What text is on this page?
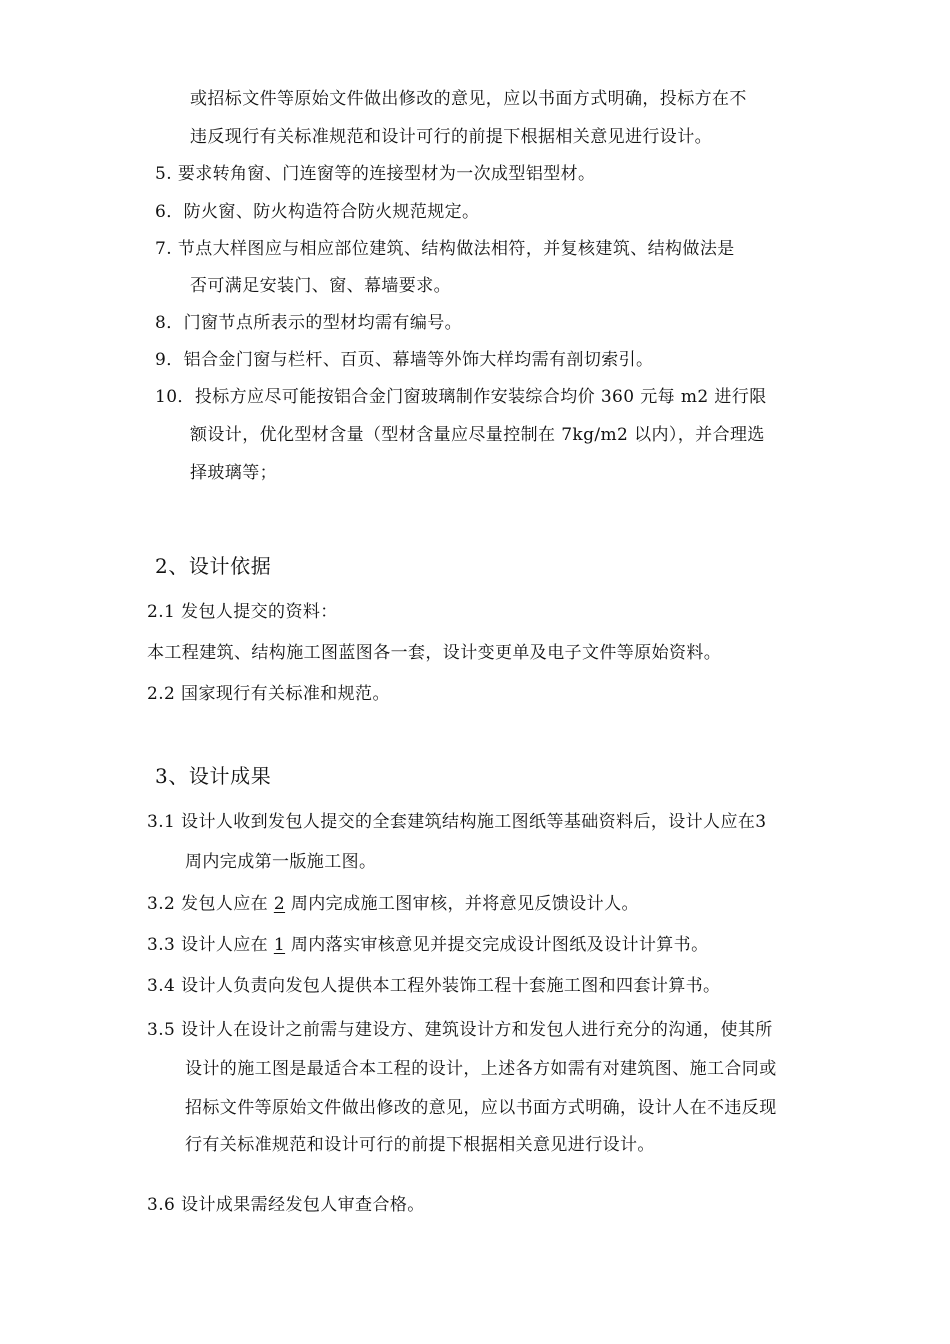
或招标文件等原始文件做出修改的意见，应以书面方式明确，投标方在不
违反现行有关标准规范和设计可行的前提下根据相关意见进行设计。
5. 要求转角窗、门连窗等的连接型材为一次成型铝型材。
6．防火窗、防火构造符合防火规范规定。
7. 节点大样图应与相应部位建筑、结构做法相符，并复核建筑、结构做法是
否可满足安装门、窗、幕墙要求。
8．门窗节点所表示的型材均需有编号。
9．铝合金门窗与栏杆、百页、幕墙等外饰大样均需有剖切索引。
10．投标方应尽可能按铝合金门窗玻璃制作安装综合均价 360 元每 m2 进行限
额设计，优化型材含量（型材含量应尽量控制在 7kg/m2 以内），并合理选
择玻璃等；
2、设计依据
2.1 发包人提交的资料：
本工程建筑、结构施工图蓝图各一套，设计变更单及电子文件等原始资料。
2.2 国家现行有关标准和规范。
3、设计成果
3.1 设计人收到发包人提交的全套建筑结构施工图纸等基础资料后，设计人应在3
周内完成第一版施工图。
3.2 发包人应在 2 周内完成施工图审核，并将意见反馈设计人。
3.3 设计人应在 1 周内落实审核意见并提交完成设计图纸及设计计算书。
3.4 设计人负责向发包人提供本工程外装饰工程十套施工图和四套计算书。
3.5 设计人在设计之前需与建设方、建筑设计方和发包人进行充分的沟通，使其所
设计的施工图是最适合本工程的设计，上述各方如需有对建筑图、施工合同或
招标文件等原始文件做出修改的意见，应以书面方式明确，设计人在不违反现
行有关标准规范和设计可行的前提下根据相关意见进行设计。
3.6 设计成果需经发包人审查合格。
